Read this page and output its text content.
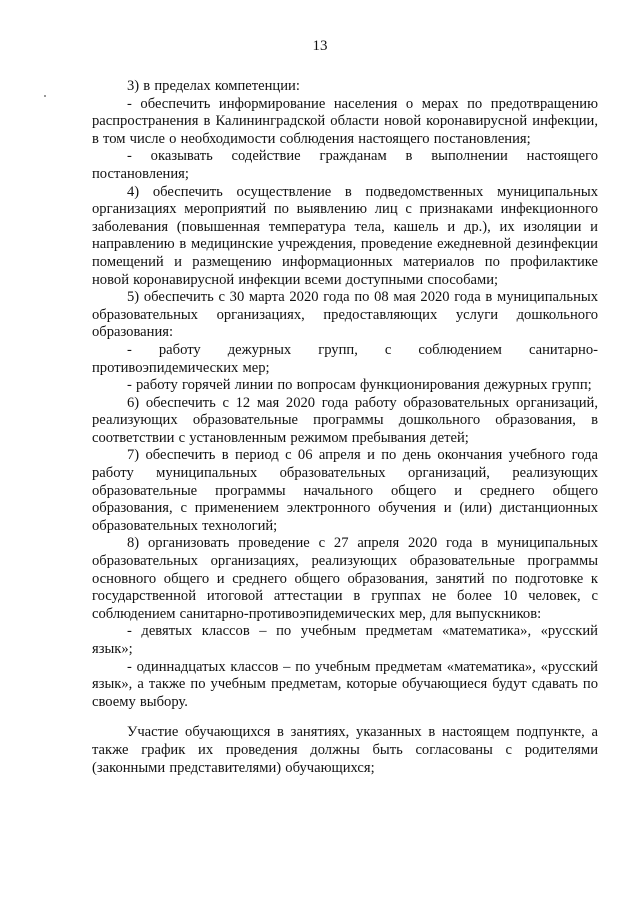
13

3) в пределах компетенции:

- обеспечить информирование населения о мерах по предотвращению распространения в Калининградской области новой коронавирусной инфекции, в том числе о необходимости соблюдения настоящего постановления;

- оказывать содействие гражданам в выполнении настоящего постановления;

4) обеспечить осуществление в подведомственных муниципальных организациях мероприятий по выявлению лиц с признаками инфекционного заболевания (повышенная температура тела, кашель и др.), их изоляции и направлению в медицинские учреждения, проведение ежедневной дезинфекции помещений и размещению информационных материалов по профилактике новой коронавирусной инфекции всеми доступными способами;

5) обеспечить с 30 марта 2020 года по 08 мая 2020 года в муниципальных образовательных организациях, предоставляющих услуги дошкольного образования:

- работу дежурных групп, с соблюдением санитарно-противоэпидемических мер;

- работу горячей линии по вопросам функционирования дежурных групп;

6) обеспечить с 12 мая 2020 года работу образовательных организаций, реализующих образовательные программы дошкольного образования, в соответствии с установленным режимом пребывания детей;

7) обеспечить в период с 06 апреля и по день окончания учебного года работу муниципальных образовательных организаций, реализующих образовательные программы начального общего и среднего общего образования, с применением электронного обучения и (или) дистанционных образовательных технологий;

8) организовать проведение с 27 апреля 2020 года в муниципальных образовательных организациях, реализующих образовательные программы основного общего и среднего общего образования, занятий по подготовке к государственной итоговой аттестации в группах не более 10 человек, с соблюдением санитарно-противоэпидемических мер, для выпускников:

- девятых классов – по учебным предметам «математика», «русский язык»;

- одиннадцатых классов – по учебным предметам «математика», «русский язык», а также по учебным предметам, которые обучающиеся будут сдавать по своему выбору.

Участие обучающихся в занятиях, указанных в настоящем подпункте, а также график их проведения должны быть согласованы с родителями (законными представителями) обучающихся;
